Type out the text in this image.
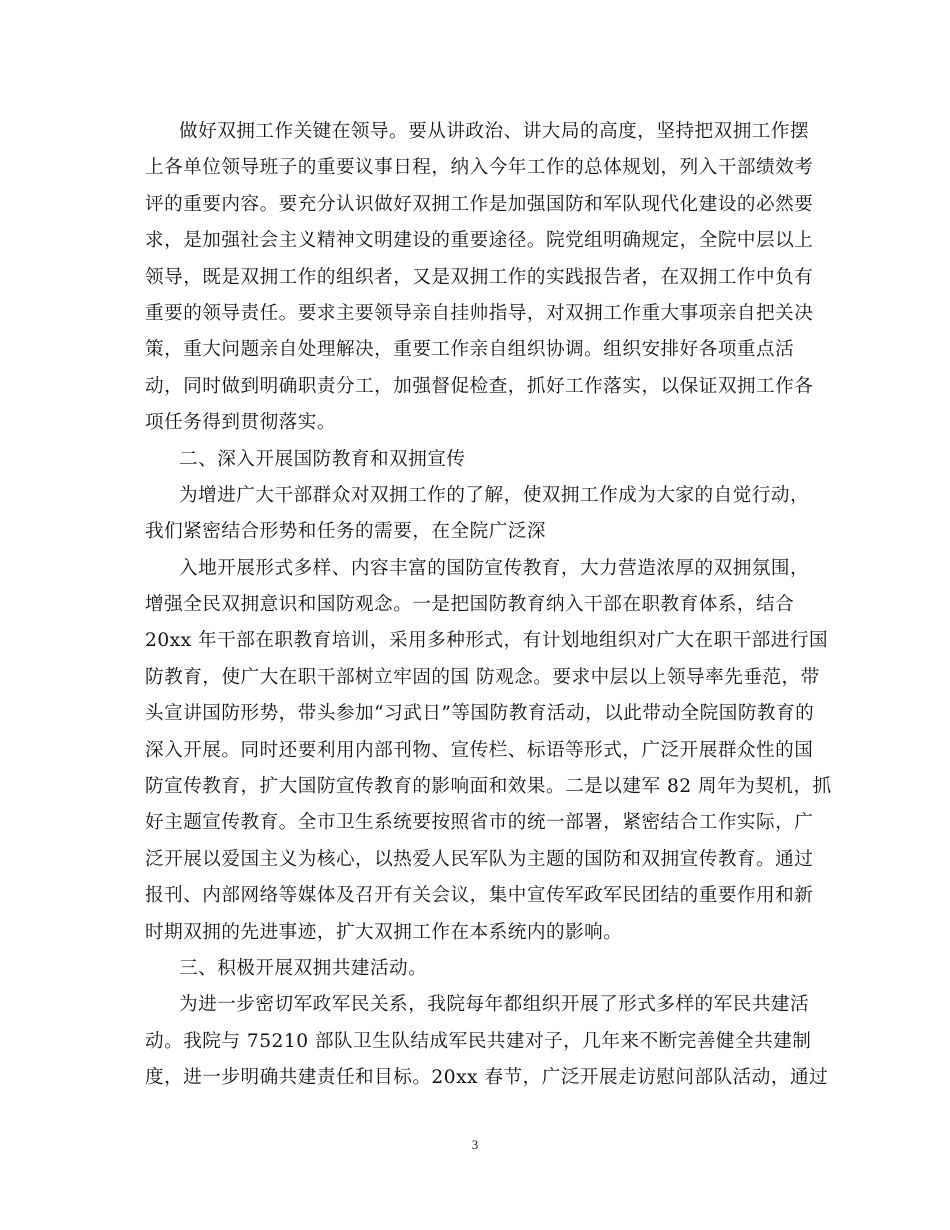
做好双拥工作关键在领导。要从讲政治、讲大局的高度，坚持把双拥工作摆
上各单位领导班子的重要议事日程，纳入今年工作的总体规划，列入干部绩效考
评的重要内容。要充分认识做好双拥工作是加强国防和军队现代化建设的必然要
求，是加强社会主义精神文明建设的重要途径。院党组明确规定，全院中层以上
领导，既是双拥工作的组织者，又是双拥工作的实践报告者，在双拥工作中负有
重要的领导责任。要求主要领导亲自挂帅指导，对双拥工作重大事项亲自把关决
策，重大问题亲自处理解决，重要工作亲自组织协调。组织安排好各项重点活
动，同时做到明确职责分工，加强督促检查，抓好工作落实，以保证双拥工作各
项任务得到贯彻落实。
二、深入开展国防教育和双拥宣传
为增进广大干部群众对双拥工作的了解，使双拥工作成为大家的自觉行动，
我们紧密结合形势和任务的需要，在全院广泛深
入地开展形式多样、内容丰富的国防宣传教育，大力营造浓厚的双拥氛围，
增强全民双拥意识和国防观念。一是把国防教育纳入干部在职教育体系，结合
20xx 年干部在职教育培训，采用多种形式，有计划地组织对广大在职干部进行国
防教育，使广大在职干部树立牢固的国 防观念。要求中层以上领导率先垂范，带
头宣讲国防形势，带头参加“习武日”等国防教育活动，以此带动全院国防教育的
深入开展。同时还要利用内部刊物、宣传栏、标语等形式，广泛开展群众性的国
防宣传教育，扩大国防宣传教育的影响面和效果。二是以建军 82 周年为契机，抓
好主题宣传教育。全市卫生系统要按照省市的统一部署，紧密结合工作实际，广
泛开展以爱国主义为核心，以热爱人民军队为主题的国防和双拥宣传教育。通过
报刊、内部网络等媒体及召开有关会议，集中宣传军政军民团结的重要作用和新
时期双拥的先进事迹，扩大双拥工作在本系统内的影响。
三、积极开展双拥共建活动。
为进一步密切军政军民关系，我院每年都组织开展了形式多样的军民共建活
动。我院与 75210 部队卫生队结成军民共建对子，几年来不断完善健全共建制
度，进一步明确共建责任和目标。20xx 春节，广泛开展走访慰问部队活动，通过
3
